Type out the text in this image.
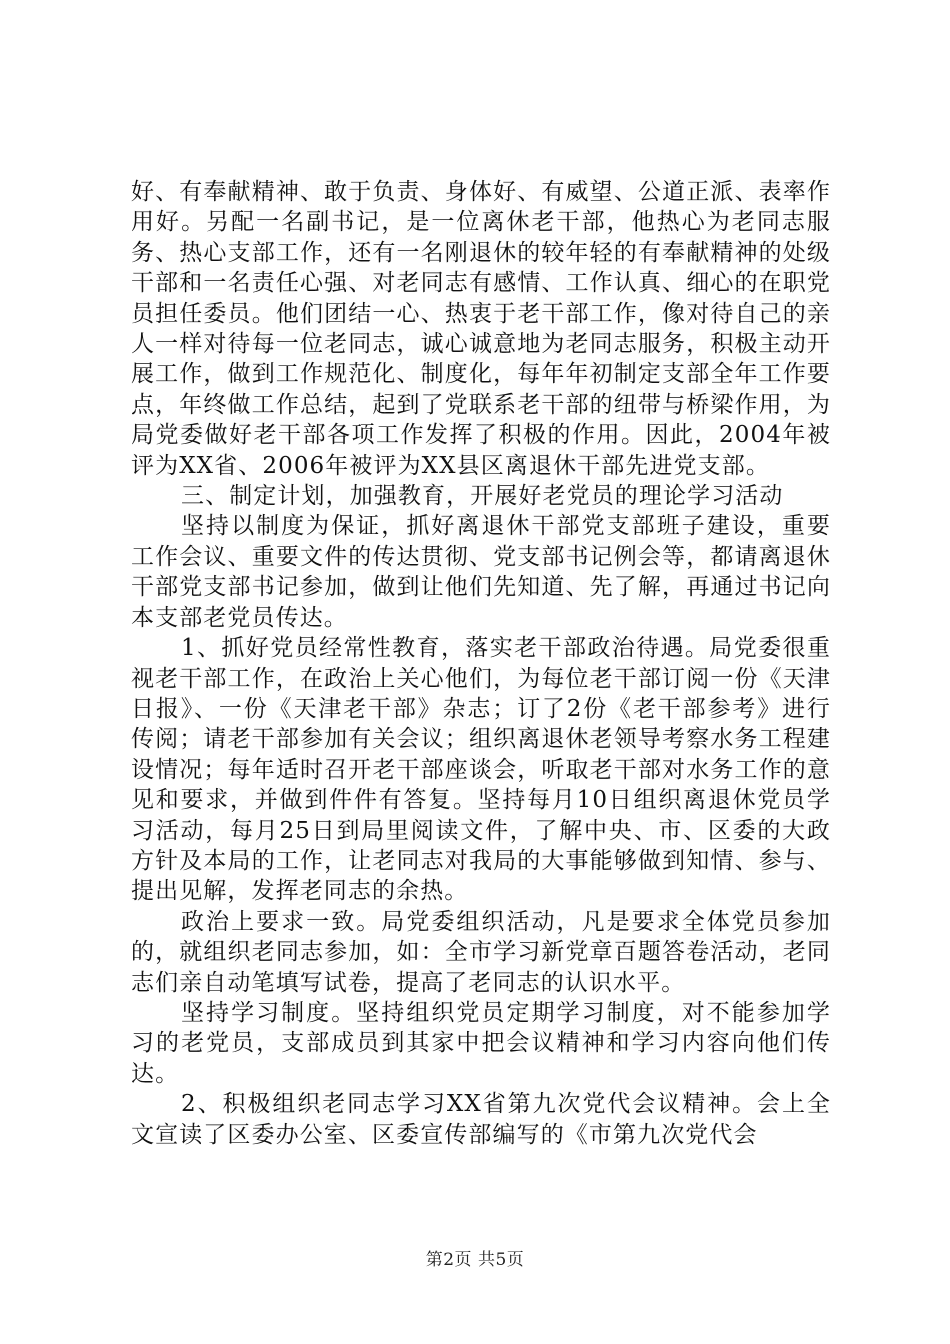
好、有奉献精神、敢于负责、身体好、有威望、公道正派、表率作用好。另配一名副书记，是一位离休老干部，他热心为老同志服务、热心支部工作，还有一名刚退休的较年轻的有奉献精神的处级干部和一名责任心强、对老同志有感情、工作认真、细心的在职党员担任委员。他们团结一心、热衷于老干部工作，像对待自己的亲人一样对待每一位老同志，诚心诚意地为老同志服务，积极主动开展工作，做到工作规范化、制度化，每年年初制定支部全年工作要点，年终做工作总结，起到了党联系老干部的纽带与桥梁作用，为局党委做好老干部各项工作发挥了积极的作用。因此，2004年被评为XX省、2006年被评为XX县区离退休干部先进党支部。

三、制定计划，加强教育，开展好老党员的理论学习活动

坚持以制度为保证，抓好离退休干部党支部班子建设，重要工作会议、重要文件的传达贯彻、党支部书记例会等，都请离退休干部党支部书记参加，做到让他们先知道、先了解，再通过书记向本支部老党员传达。

1、抓好党员经常性教育，落实老干部政治待遇。局党委很重视老干部工作，在政治上关心他们，为每位老干部订阅一份《天津日报》、一份《天津老干部》杂志；订了2份《老干部参考》进行传阅；请老干部参加有关会议；组织离退休老领导考察水务工程建设情况；每年适时召开老干部座谈会，听取老干部对水务工作的意见和要求，并做到件件有答复。坚持每月10日组织离退休党员学习活动，每月25日到局里阅读文件，了解中央、市、区委的大政方针及本局的工作，让老同志对我局的大事能够做到知情、参与、提出见解，发挥老同志的余热。

政治上要求一致。局党委组织活动，凡是要求全体党员参加的，就组织老同志参加，如：全市学习新党章百题答卷活动，老同志们亲自动笔填写试卷，提高了老同志的认识水平。

坚持学习制度。坚持组织党员定期学习制度，对不能参加学习的老党员，支部成员到其家中把会议精神和学习内容向他们传达。

2、积极组织老同志学习XX省第九次党代会议精神。会上全文宣读了区委办公室、区委宣传部编写的《市第九次党代会

第2页 共5页
